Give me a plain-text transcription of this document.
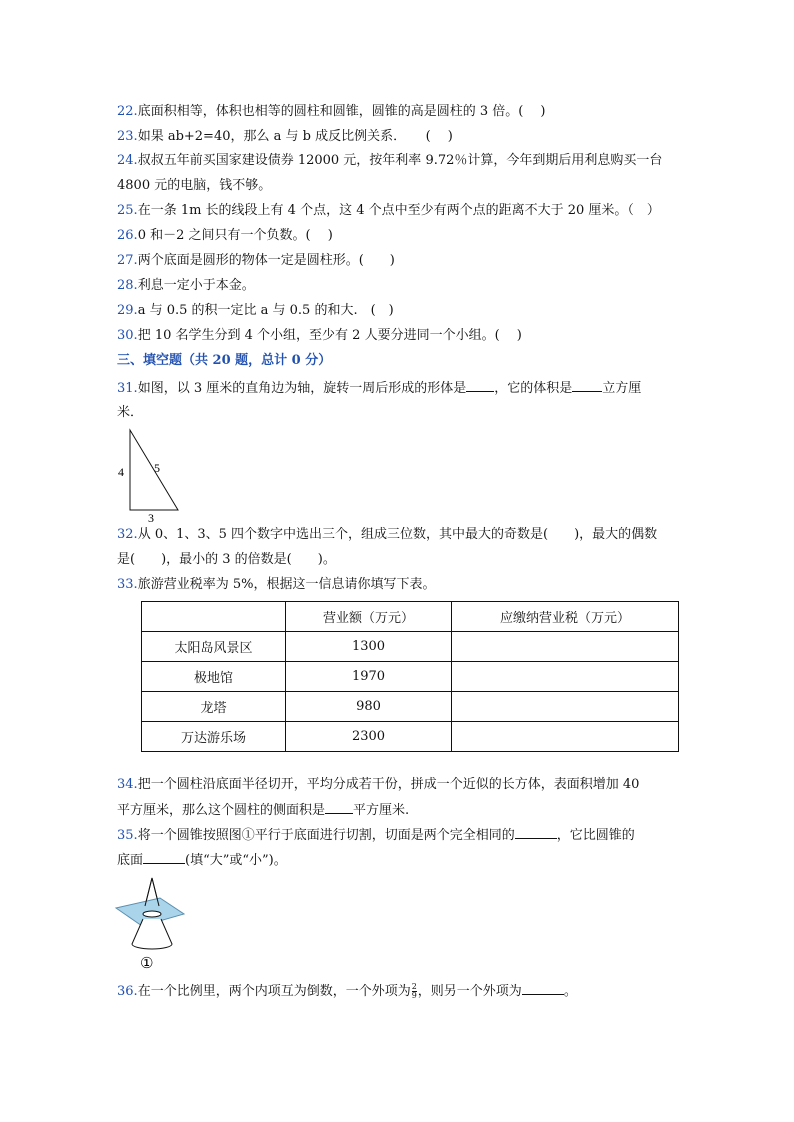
22.底面积相等，体积也相等的圆柱和圆锥，圆锥的高是圆柱的 3 倍。(　 )
23.如果 ab+2=40，那么 a 与 b 成反比例关系．　　(　 )
24.叔叔五年前买国家建设债券 12000 元，按年利率 9.72％计算，今年到期后用利息购买一台
4800 元的电脑，钱不够。
25.在一条 1m 长的线段上有 4 个点，这 4 个点中至少有两个点的距离不大于 20 厘米。（　）
26.0 和－2 之间只有一个负数。(　 )
27.两个底面是圆形的物体一定是圆柱形。(　　)
28.利息一定小于本金。
29.a 与 0.5 的积一定比 a 与 0.5 的和大.　(　)
30.把 10 名学生分到 4 个小组，至少有 2 人要分进同一个小组。(　 )
三、填空题（共 20 题，总计 0 分）
31.如图，以 3 厘米的直角边为轴，旋转一周后形成的形体是 ，它的体积是 立方厘
米．
4	5
3
32.从 0、1、3、5 四个数字中选出三个，组成三位数，其中最大的奇数是(　　)，最大的偶数
是(　　)，最小的 3 的倍数是(　　)。
33.旅游营业税率为 5%，根据这一信息请你填写下表。
	营业额（万元）	应缴纳营业税（万元）
太阳岛风景区	1300	
极地馆	1970	
龙塔	980	
万达游乐场	2300	
34.把一个圆柱沿底面半径切开，平均分成若干份，拼成一个近似的长方体，表面积增加 40
平方厘米，那么这个圆柱的侧面积是 平方厘米.
35.将一个圆锥按照图①平行于底面进行切割，切面是两个完全相同的	，它比圆锥的
底面	(填“大”或“小”)。
①
36.在一个比例里，两个内项互为倒数，一个外项为 $\frac{2}{9}$ ，则另一个外项为	。
